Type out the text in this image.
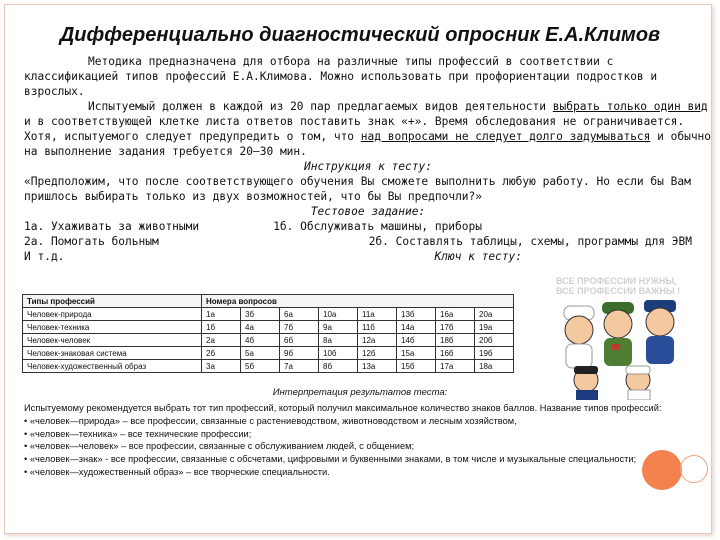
Дифференциально диагностический опросник Е.А.Климов

Методика предназначена для отбора на различные типы профессий в соответствии с классификацией типов профессий Е.А.Климова. Можно использовать при профориентации подростков и взрослых.

Испытуемый должен в каждой из 20 пар предлагаемых видов деятельности выбрать только один вид и в соответствующей клетке листа ответов поставить знак «+». Время обследования не ограничивается. Хотя, испытуемого следует предупредить о том, что над вопросами не следует долго задумываться и обычно на выполнение задания требуется 20–30 мин.

Инструкция к тесту:

«Предположим, что после соответствующего обучения Вы сможете выполнить любую работу. Но если бы Вам пришлось выбирать только из двух возможностей, что бы Вы предпочли?»

Тестовое задание:

1а. Ухаживать за животными	1б. Обслуживать машины, приборы

2а. Помогать больным	2б. Составлять таблицы, схемы, программы для ЭВМ

И т.д.	Ключ к тесту:

Типы профессий	Номера вопросов							
Человек-природа	1а	3б	6а	10а	11а	13б	16а	20а
Человек-техника	1б	4а	7б	9а	11б	14а	17б	19а
Человек-человек	2а	4б	6б	8а	12а	14б	18б	20б
Человек-знаковая система	2б	5а	9б	10б	12б	15а	16б	19б
Человек-художественный образ	3а	5б	7а	8б	13а	15б	17а	18а
ВСЕ ПРОФЕССИИ НУЖНЫ,
ВСЕ ПРОФЕССИИ ВАЖНЫ !
Интерпретация результатов теста:

Испытуемому рекомендуется выбрать тот тип профессий, который получил максимальное количество знаков баллов. Название типов профессий:

• «человек—природа» – все профессии, связанные с растениеводством, животноводством и лесным хозяйством,

• «человек—техника» – все технические профессии;

• «человек—человек» – все профессии, связанные с обслуживанием людей, с общением;

• «человек—знак» - все профессии, связанные с обсчетами, цифровыми и буквенными знаками, в том числе и музыкальные специальности;

• «человек—художественный образ» – все творческие специальности.
